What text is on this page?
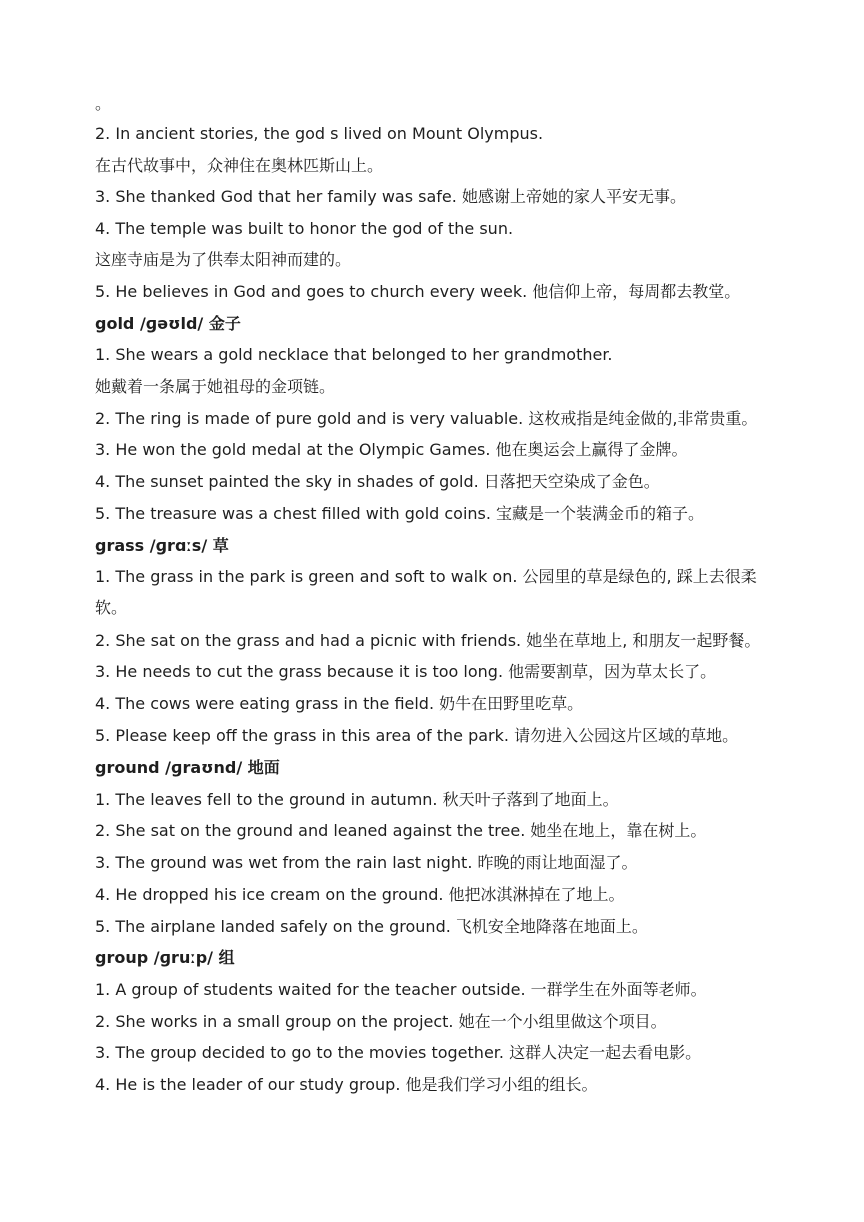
。
2. In ancient stories, the god s lived on Mount Olympus.
在古代故事中，众神住在奥林匹斯山上。
3. She thanked God that her family was safe. 她感谢上帝她的家人平安无事。
4. The temple was built to honor the god of the sun.
这座寺庙是为了供奉太阳神而建的。
5. He believes in God and goes to church every week. 他信仰上帝，每周都去教堂。
gold /ɡəʊld/ 金子
1. She wears a gold necklace that belonged to her grandmother.
她戴着一条属于她祖母的金项链。
2. The ring is made of pure gold and is very valuable. 这枚戒指是纯金做的,非常贵重。
3. He won the gold medal at the Olympic Games. 他在奥运会上赢得了金牌。
4. The sunset painted the sky in shades of gold. 日落把天空染成了金色。
5. The treasure was a chest filled with gold coins. 宝藏是一个装满金币的箱子。
grass /ɡrɑːs/ 草
1. The grass in the park is green and soft to walk on. 公园里的草是绿色的, 踩上去很柔
软。
2. She sat on the grass and had a picnic with friends. 她坐在草地上, 和朋友一起野餐。
3. He needs to cut the grass because it is too long. 他需要割草，因为草太长了。
4. The cows were eating grass in the field. 奶牛在田野里吃草。
5. Please keep off the grass in this area of the park. 请勿进入公园这片区域的草地。
ground /ɡraʊnd/ 地面
1. The leaves fell to the ground in autumn. 秋天叶子落到了地面上。
2. She sat on the ground and leaned against the tree. 她坐在地上，靠在树上。
3. The ground was wet from the rain last night. 昨晚的雨让地面湿了。
4. He dropped his ice cream on the ground. 他把冰淇淋掉在了地上。
5. The airplane landed safely on the ground. 飞机安全地降落在地面上。
group /ɡruːp/ 组
1. A group of students waited for the teacher outside. 一群学生在外面等老师。
2. She works in a small group on the project. 她在一个小组里做这个项目。
3. The group decided to go to the movies together. 这群人决定一起去看电影。
4. He is the leader of our study group. 他是我们学习小组的组长。
